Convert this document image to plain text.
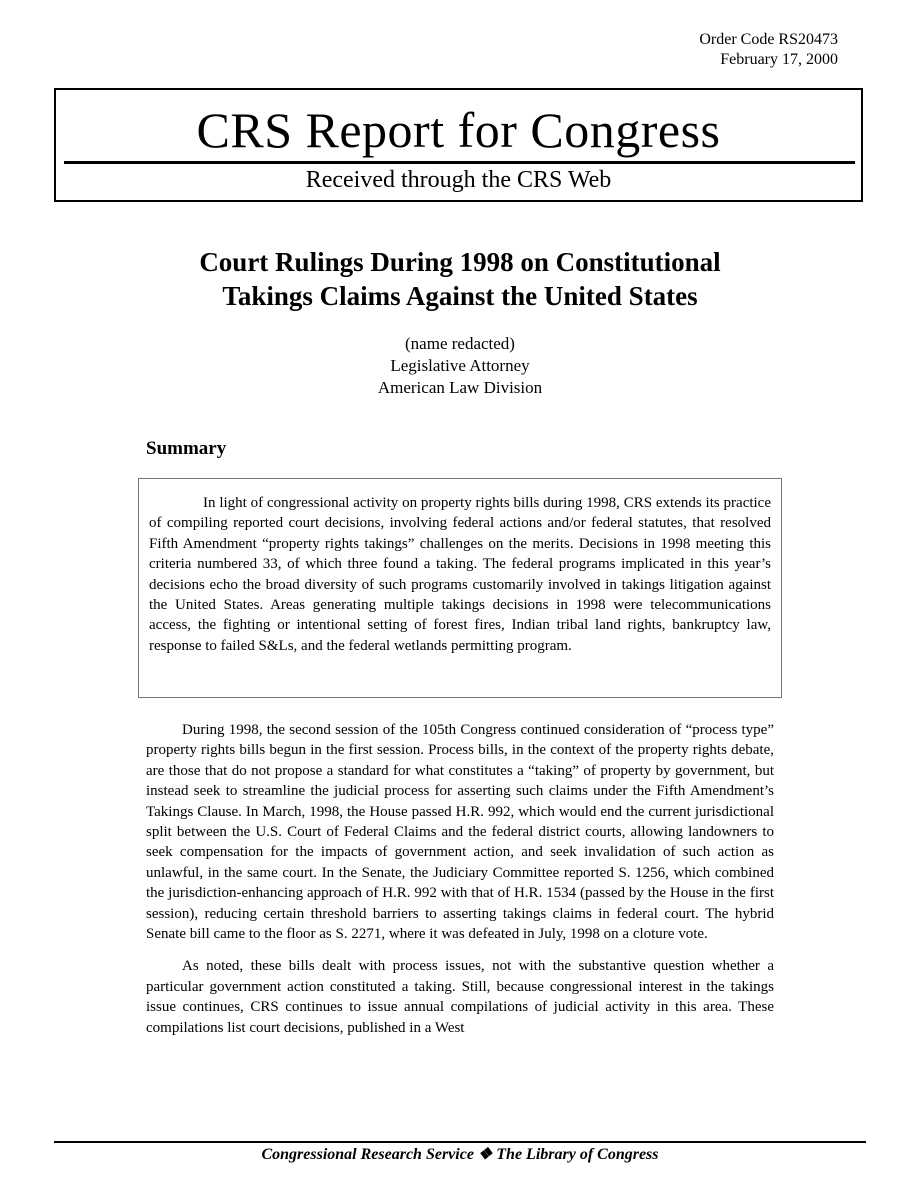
Order Code RS20473
February 17, 2000
CRS Report for Congress
Received through the CRS Web
Court Rulings During 1998 on Constitutional
Takings Claims Against the United States
(name redacted)
Legislative Attorney
American Law Division
Summary

In light of congressional activity on property rights bills during 1998, CRS extends its practice of compiling reported court decisions, involving federal actions and/or federal statutes, that resolved Fifth Amendment “property rights takings” challenges on the merits. Decisions in 1998 meeting this criteria numbered 33, of which three found a taking. The federal programs implicated in this year’s decisions echo the broad diversity of such programs customarily involved in takings litigation against the United States. Areas generating multiple takings decisions in 1998 were telecommunications access, the fighting or intentional setting of forest fires, Indian tribal land rights, bankruptcy law, response to failed S&Ls, and the federal wetlands permitting program.

During 1998, the second session of the 105th Congress continued consideration of “process type” property rights bills begun in the first session. Process bills, in the context of the property rights debate, are those that do not propose a standard for what constitutes a “taking” of property by government, but instead seek to streamline the judicial process for asserting such claims under the Fifth Amendment’s Takings Clause. In March, 1998, the House passed H.R. 992, which would end the current jurisdictional split between the U.S. Court of Federal Claims and the federal district courts, allowing landowners to seek compensation for the impacts of government action, and seek invalidation of such action as unlawful, in the same court. In the Senate, the Judiciary Committee reported S. 1256, which combined the jurisdiction-enhancing approach of H.R. 992 with that of H.R. 1534 (passed by the House in the first session), reducing certain threshold barriers to asserting takings claims in federal court. The hybrid Senate bill came to the floor as S. 2271, where it was defeated in July, 1998 on a cloture vote.

As noted, these bills dealt with process issues, not with the substantive question whether a particular government action constituted a taking. Still, because congressional interest in the takings issue continues, CRS continues to issue annual compilations of judicial activity in this area. These compilations list court decisions, published in a West

Congressional Research Service ❖ The Library of Congress
